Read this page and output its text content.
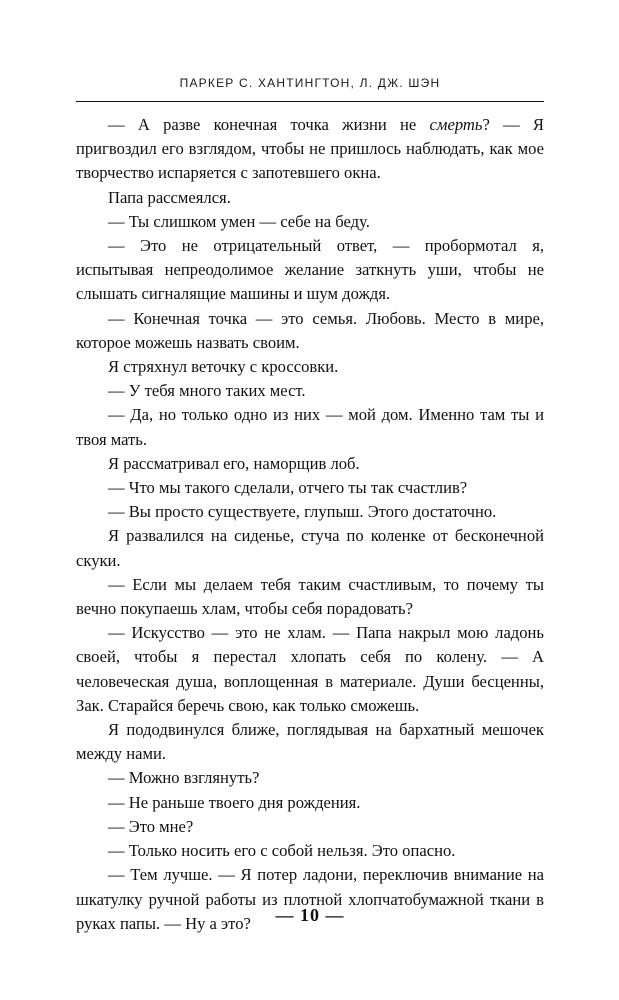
ПАРКЕР С. ХАНТИНГТОН, Л. ДЖ. ШЭН

— А разве конечная точка жизни не смерть? — Я пригвоздил его взглядом, чтобы не пришлось наблюдать, как мое творчество испаряется с запотевшего окна.

Папа рассмеялся.

— Ты слишком умен — себе на беду.

— Это не отрицательный ответ, — пробормотал я, испытывая непреодолимое желание заткнуть уши, чтобы не слышать сигналящие машины и шум дождя.

— Конечная точка — это семья. Любовь. Место в мире, которое можешь назвать своим.

Я стряхнул веточку с кроссовки.

— У тебя много таких мест.

— Да, но только одно из них — мой дом. Именно там ты и твоя мать.

Я рассматривал его, наморщив лоб.

— Что мы такого сделали, отчего ты так счастлив?

— Вы просто существуете, глупыш. Этого достаточно.

Я развалился на сиденье, стуча по коленке от бесконечной скуки.

— Если мы делаем тебя таким счастливым, то почему ты вечно покупаешь хлам, чтобы себя порадовать?

— Искусство — это не хлам. — Папа накрыл мою ладонь своей, чтобы я перестал хлопать себя по колену. — А человеческая душа, воплощенная в материале. Души бесценны, Зак. Старайся беречь свою, как только сможешь.

Я пододвинулся ближе, поглядывая на бархатный мешочек между нами.

— Можно взглянуть?

— Не раньше твоего дня рождения.

— Это мне?

— Только носить его с собой нельзя. Это опасно.

— Тем лучше. — Я потер ладони, переключив внимание на шкатулку ручной работы из плотной хлопчатобумажной ткани в руках папы. — Ну а это?	— 10 —
